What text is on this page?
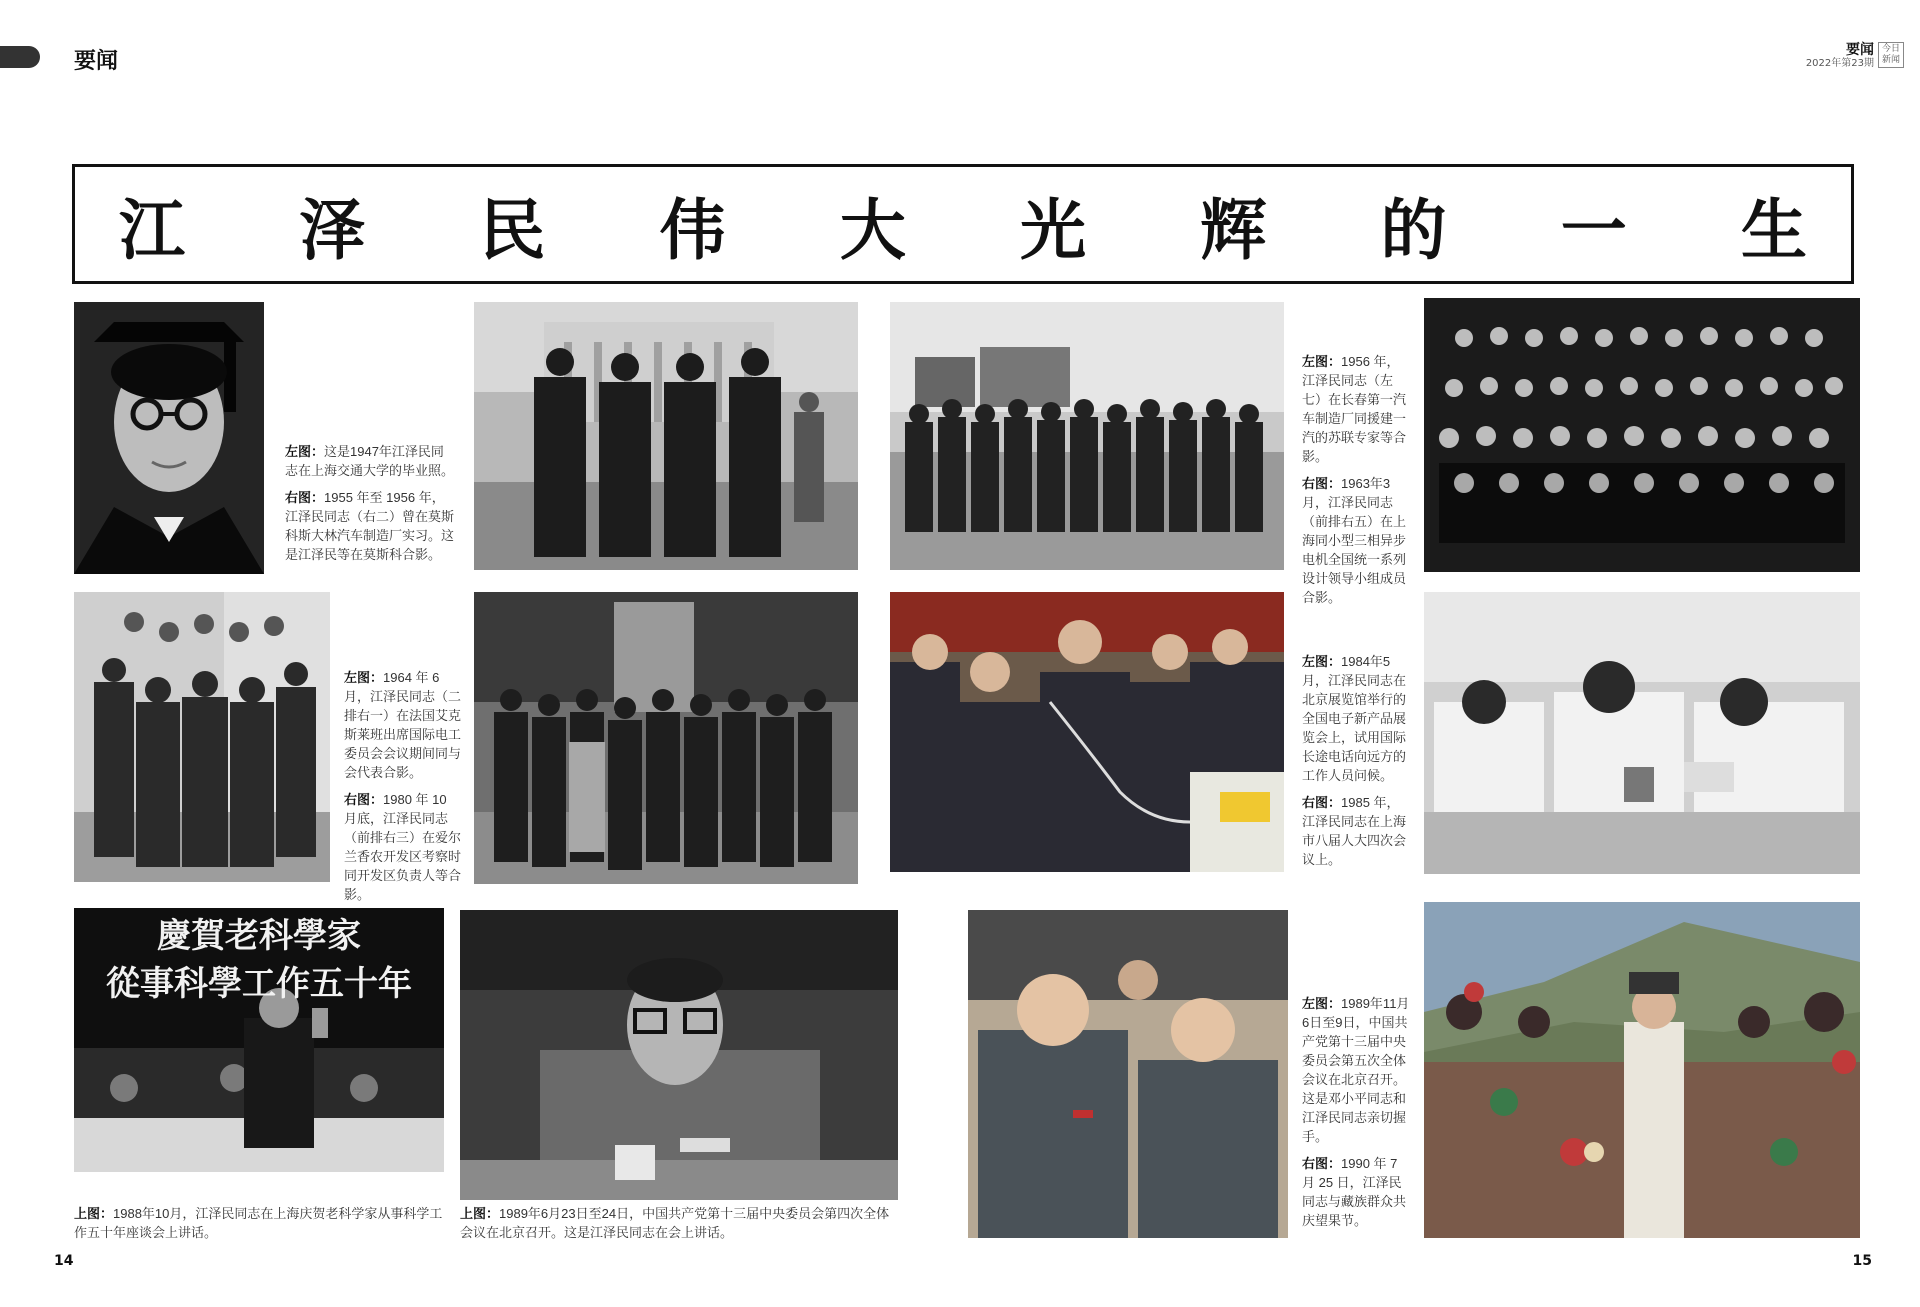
要闻	要闻
2022年第23期
今日 新闻
江 泽 民 伟 大 光 辉 的 一 生

左图：这是1947年江泽民同志在上海交通大学的毕业照。

右图：1955 年至 1956 年，江泽民同志（右二）曾在莫斯科斯大林汽车制造厂实习。这是江泽民等在莫斯科合影。

左图：1956 年，江泽民同志（左七）在长春第一汽车制造厂同援建一汽的苏联专家等合影。

右图：1963年3月，江泽民同志（前排右五）在上海同小型三相异步电机全国统一系列设计领导小组成员合影。

左图：1964 年 6 月，江泽民同志（二排右一）在法国艾克斯莱班出席国际电工委员会会议期间同与会代表合影。

右图：1980 年 10 月底，江泽民同志（前排右三）在爱尔兰香农开发区考察时同开发区负责人等合影。

左图：1984年5月，江泽民同志在北京展览馆举行的全国电子新产品展览会上，试用国际长途电话向远方的工作人员问候。

右图：1985 年，江泽民同志在上海市八届人大四次会议上。

慶賀老科學家
從事科學工作五十年

上图：1988年10月，江泽民同志在上海庆贺老科学家从事科学工作五十年座谈会上讲话。

上图：1989年6月23日至24日，中国共产党第十三届中央委员会第四次全体会议在北京召开。这是江泽民同志在会上讲话。

左图：1989年11月6日至9日，中国共产党第十三届中央委员会第五次全体会议在北京召开。这是邓小平同志和江泽民同志亲切握手。

右图：1990 年 7 月 25 日，江泽民同志与藏族群众共庆望果节。

14	15
